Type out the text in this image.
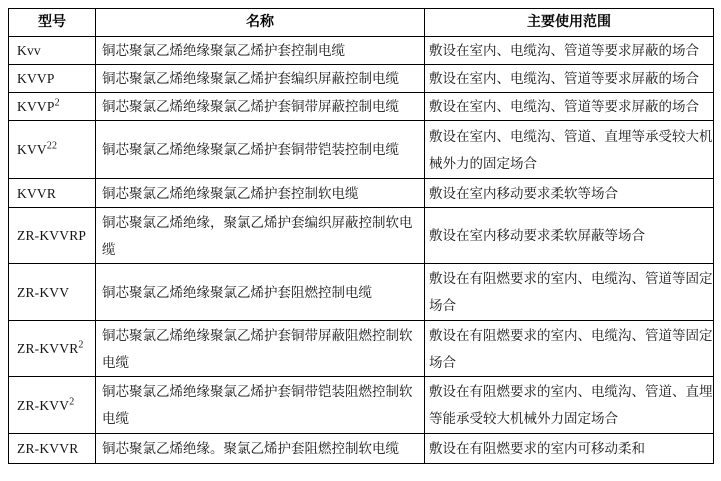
型号	名称	主要使用范围
Kvv	铜芯聚氯乙烯绝缘聚氯乙烯护套控制电缆	敷设在室内、电缆沟、管道等要求屏蔽的场合
KVVP	铜芯聚氯乙烯绝缘聚氯乙烯护套编织屏蔽控制电缆	敷设在室内、电缆沟、管道等要求屏蔽的场合
KVVP$^2$	铜芯聚氯乙烯绝缘聚氯乙烯护套铜带屏蔽控制电缆	敷设在室内、电缆沟、管道等要求屏蔽的场合
KVV$^{22}$	铜芯聚氯乙烯绝缘聚氯乙烯护套铜带铠装控制电缆	敷设在室内、电缆沟、管道、直埋等承受较大机械外力的固定场合
KVVR	铜芯聚氯乙烯绝缘聚氯乙烯护套控制软电缆	敷设在室内移动要求柔软等场合
ZR-KVVRP	铜芯聚氯乙烯绝缘，聚氯乙烯护套编织屏蔽控制软电缆	敷设在室内移动要求柔软屏蔽等场合
ZR-KVV	铜芯聚氯乙烯绝缘聚氯乙烯护套阻燃控制电缆	敷设在有阻燃要求的室内、电缆沟、管道等固定场合
ZR-KVVR$^2$	铜芯聚氯乙烯绝缘聚氯乙烯护套铜带屏蔽阻燃控制软电缆	敷设在有阻燃要求的室内、电缆沟、管道等固定场合
ZR-KVV$^2$	铜芯聚氯乙烯绝缘聚氯乙烯护套铜带铠装阻燃控制软电缆	敷设在有阻燃要求的室内、电缆沟、管道、直埋等能承受较大机械外力固定场合
ZR-KVVR	铜芯聚氯乙烯绝缘。聚氯乙烯护套阻燃控制软电缆	敷设在有阻燃要求的室内可移动柔和
